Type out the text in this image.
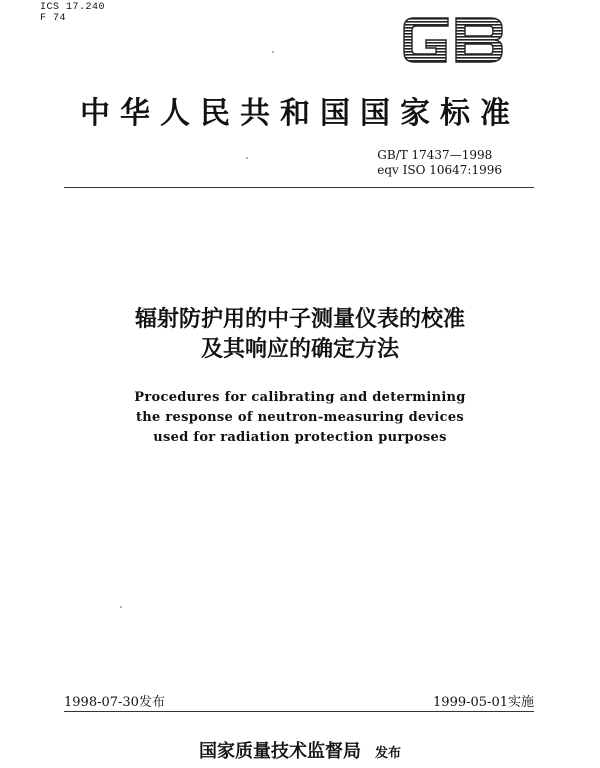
ICS 17.240
F 74
中华人民共和国国家标准
GB/T 17437—1998
eqv ISO 10647:1996
辐射防护用的中子测量仪表的校准
及其响应的确定方法
Procedures for calibrating and determining
the response of neutron-measuring devices
used for radiation protection purposes
1998-07-30发布	1999-05-01实施
国家质量技术监督局 发布
